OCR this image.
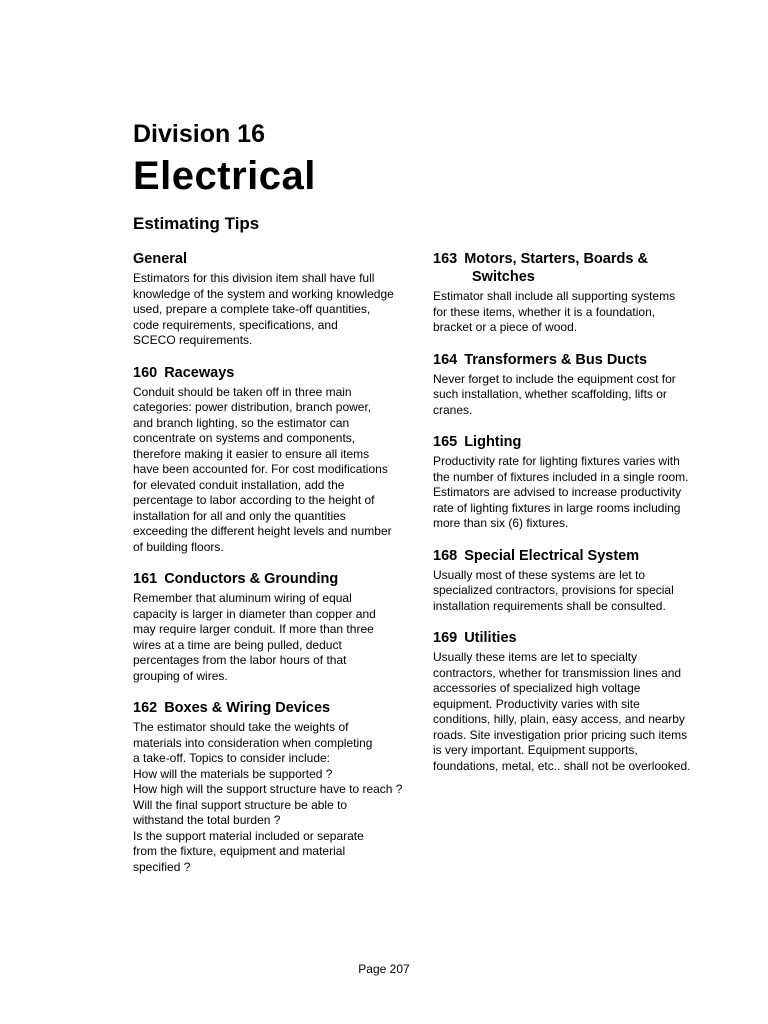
Division 16
Electrical
Estimating Tips
General

Estimators for this division item shall have full
knowledge of the system and working knowledge
used, prepare a complete take-off quantities,
code requirements, specifications, and
SCECO requirements.

160 Raceways

Conduit should be taken off in three main
categories: power distribution, branch power,
and branch lighting, so the estimator can
concentrate on systems and components,
therefore making it easier to ensure all items
have been accounted for. For cost modifications
for elevated conduit installation, add the
percentage to labor according to the height of
installation for all and only the quantities
exceeding the different height levels and number
of building floors.

161 Conductors & Grounding

Remember that aluminum wiring of equal
capacity is larger in diameter than copper and
may require larger conduit. If more than three
wires at a time are being pulled, deduct
percentages from the labor hours of that
grouping of wires.

162 Boxes & Wiring Devices

The estimator should take the weights of
materials into consideration when completing
a take-off. Topics to consider include:
How will the materials be supported ?
How high will the support structure have to reach ?
Will the final support structure be able to
withstand the total burden ?
Is the support material included or separate
from the fixture, equipment and material
specified ?

163 Motors, Starters, Boards &
Switches

Estimator shall include all supporting systems
for these items, whether it is a foundation,
bracket or a piece of wood.

164 Transformers & Bus Ducts

Never forget to include the equipment cost for
such installation, whether scaffolding, lifts or
cranes.

165 Lighting

Productivity rate for lighting fixtures varies with
the number of fixtures included in a single room.
Estimators are advised to increase productivity
rate of lighting fixtures in large rooms including
more than six (6) fixtures.

168 Special Electrical System

Usually most of these systems are let to
specialized contractors, provisions for special
installation requirements shall be consulted.

169 Utilities

Usually these items are let to specialty
contractors, whether for transmission lines and
accessories of specialized high voltage
equipment. Productivity varies with site
conditions, hilly, plain, easy access, and nearby
roads. Site investigation prior pricing such items
is very important. Equipment supports,
foundations, metal, etc.. shall not be overlooked.

Page 207
